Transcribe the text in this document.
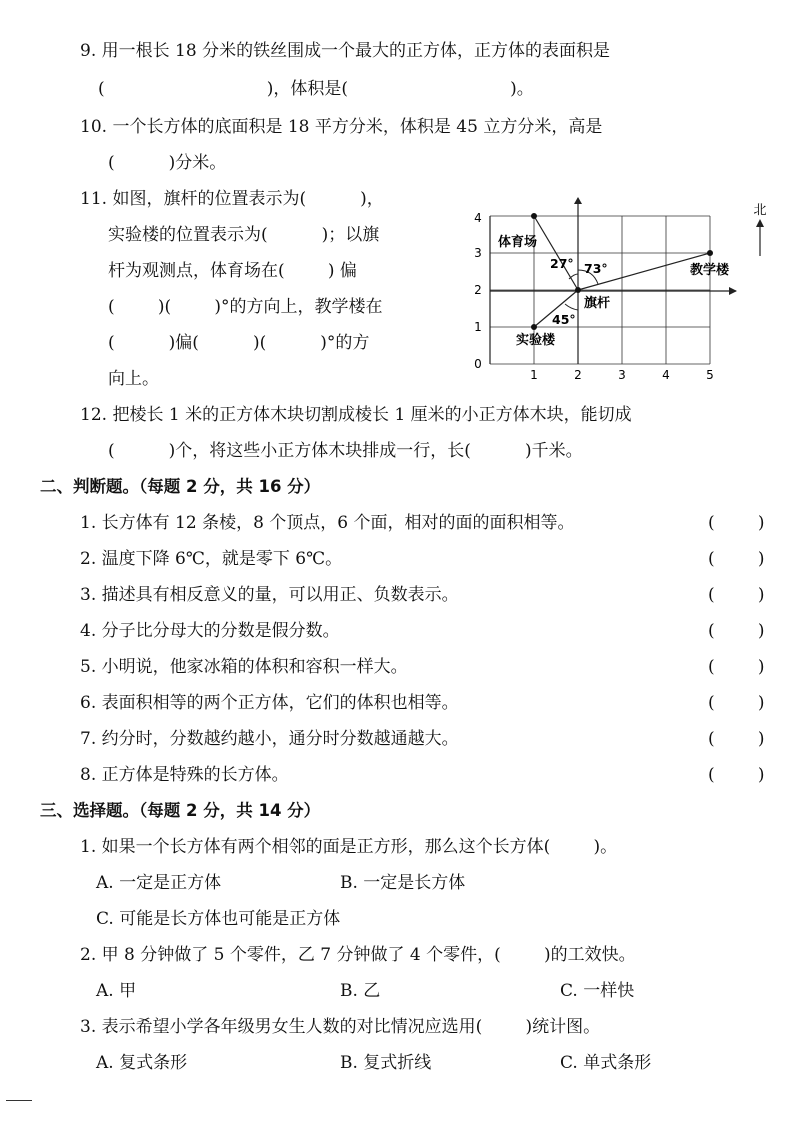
9. 用一根长 18 分米的铁丝围成一个最大的正方体，正方体的表面积是
(                              )，体积是(                              )。
10. 一个长方体的底面积是 18 平方分米，体积是 45 立方分米，高是
(          )分米。
11. 如图，旗杆的位置表示为(          )，
实验楼的位置表示为(          )；以旗
杆为观测点，体育场在(        ) 偏
(        )(        )°的方向上，教学楼在
(          )偏(          )(          )°的方
向上。	1	2	3	4	5
0
1
2
3
4	北
体育场
旗杆
实验楼
教学楼
27° 73°
45°
12. 把棱长 1 米的正方体木块切割成棱长 1 厘米的小正方体木块，能切成
(          )个，将这些小正方体木块排成一行，长(          )千米。
二、判断题。（每题 2 分，共 16 分）
1. 长方体有 12 条棱，8 个顶点，6 个面，相对的面的面积相等。	(        )
2. 温度下降 6℃，就是零下 6℃。	(        )
3. 描述具有相反意义的量，可以用正、负数表示。	(        )
4. 分子比分母大的分数是假分数。	(        )
5. 小明说，他家冰箱的体积和容积一样大。	(        )
6. 表面积相等的两个正方体，它们的体积也相等。	(        )
7. 约分时，分数越约越小，通分时分数越通越大。	(        )
8. 正方体是特殊的长方体。	(        )
三、选择题。（每题 2 分，共 14 分）
1. 如果一个长方体有两个相邻的面是正方形，那么这个长方体(        )。
A. 一定是正方体	B. 一定是长方体
C. 可能是长方体也可能是正方体
2. 甲 8 分钟做了 5 个零件，乙 7 分钟做了 4 个零件，(        )的工效快。
A. 甲	B. 乙	C. 一样快
3. 表示希望小学各年级男女生人数的对比情况应选用(        )统计图。
A. 复式条形	B. 复式折线	C. 单式条形
